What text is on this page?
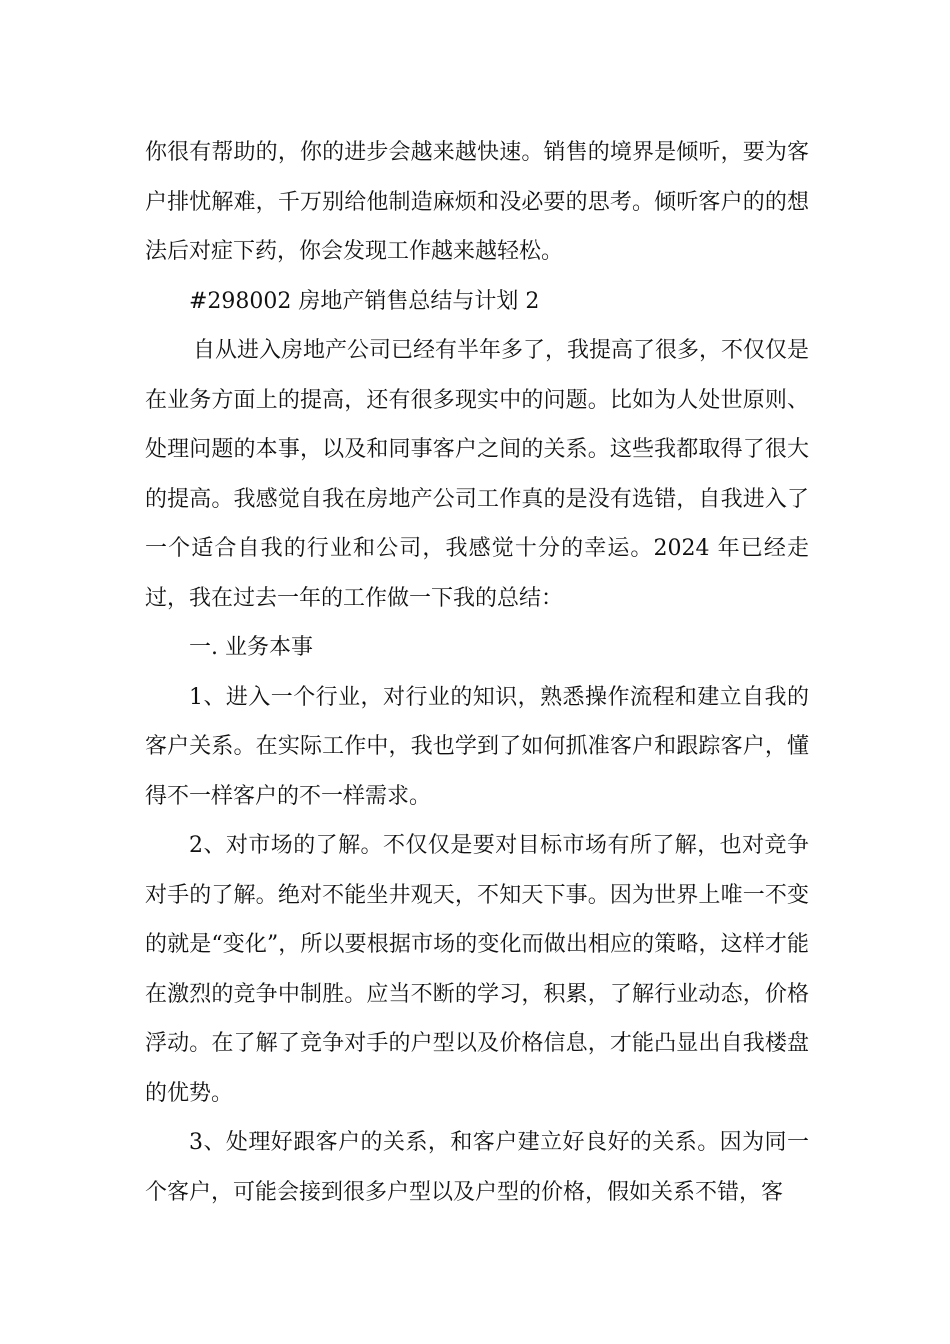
你很有帮助的，你的进步会越来越快速。销售的境界是倾听，要为客户排忧解难，千万别给他制造麻烦和没必要的思考。倾听客户的的想法后对症下药，你会发现工作越来越轻松。

#298002 房地产销售总结与计划 2

自从进入房地产公司已经有半年多了，我提高了很多，不仅仅是在业务方面上的提高，还有很多现实中的问题。比如为人处世原则、处理问题的本事，以及和同事客户之间的关系。这些我都取得了很大的提高。我感觉自我在房地产公司工作真的是没有选错，自我进入了一个适合自我的行业和公司，我感觉十分的幸运。2024 年已经走过，我在过去一年的工作做一下我的总结：

一. 业务本事

1、进入一个行业，对行业的知识，熟悉操作流程和建立自我的客户关系。在实际工作中，我也学到了如何抓准客户和跟踪客户，懂得不一样客户的不一样需求。

2、对市场的了解。不仅仅是要对目标市场有所了解，也对竞争对手的了解。绝对不能坐井观天，不知天下事。因为世界上唯一不变的就是“变化”，所以要根据市场的变化而做出相应的策略，这样才能在激烈的竞争中制胜。应当不断的学习，积累，了解行业动态，价格浮动。在了解了竞争对手的户型以及价格信息，才能凸显出自我楼盘的优势。

3、处理好跟客户的关系，和客户建立好良好的关系。因为同一个客户，可能会接到很多户型以及户型的价格，假如关系不错，客
